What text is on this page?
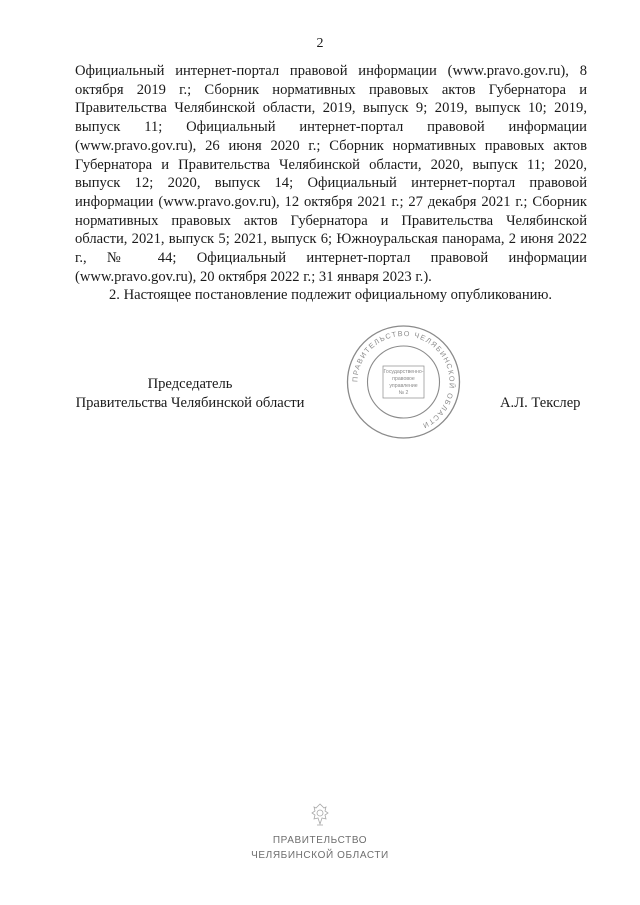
2

Официальный интернет-портал правовой информации (www.pravo.gov.ru), 8 октября 2019 г.; Сборник нормативных правовых актов Губернатора и Правительства Челябинской области, 2019, выпуск 9; 2019, выпуск 10; 2019, выпуск 11; Официальный интернет-портал правовой информации (www.pravo.gov.ru), 26 июня 2020 г.; Сборник нормативных правовых актов Губернатора и Правительства Челябинской области, 2020, выпуск 11; 2020, выпуск 12; 2020, выпуск 14; Официальный интернет-портал правовой информации (www.pravo.gov.ru), 12 октября 2021 г.; 27 декабря 2021 г.; Сборник нормативных правовых актов Губернатора и Правительства Челябинской области, 2021, выпуск 5; 2021, выпуск 6; Южноуральская панорама, 2 июня 2022 г., № 44; Официальный интернет-портал правовой информации (www.pravo.gov.ru), 20 октября 2022 г.; 31 января 2023 г.).

2. Настоящее постановление подлежит официальному опубликованию.

ПРАВИТЕЛЬСТВО ЧЕЛЯБИНСКОЙ ОБЛАСТИ
Государственно-
правовое
управление
№ 2
Председатель
Правительства Челябинской области	А.Л. Текслер
ПРАВИТЕЛЬСТВО
ЧЕЛЯБИНСКОЙ ОБЛАСТИ
